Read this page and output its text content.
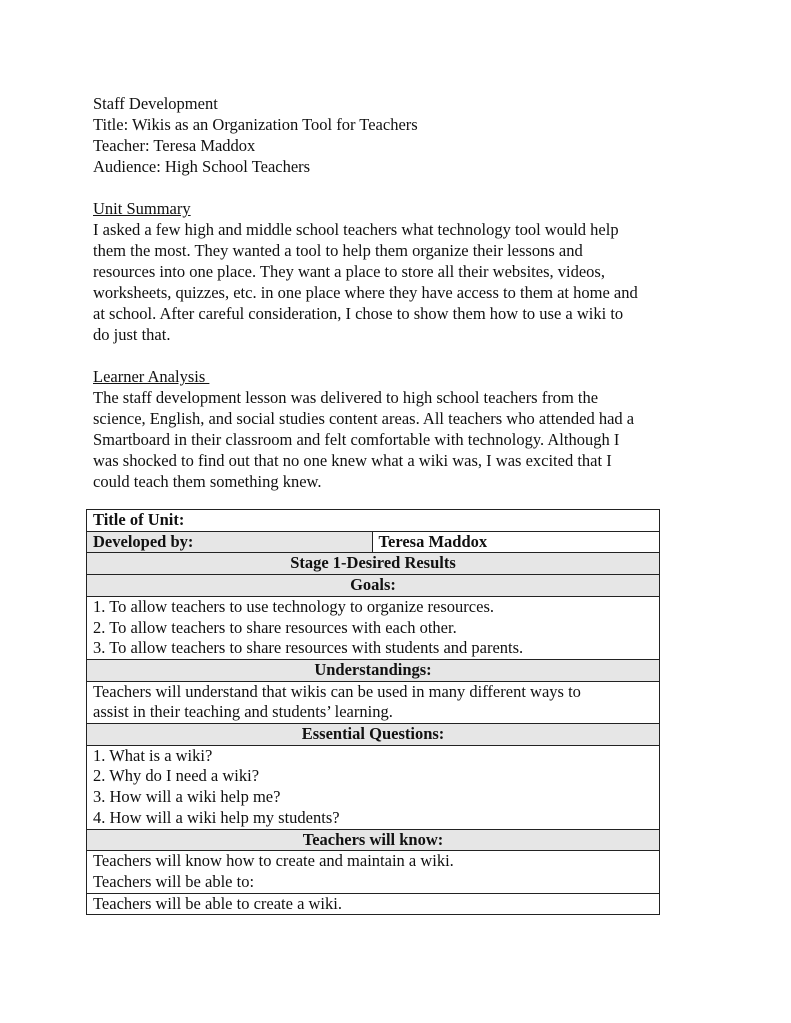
Staff Development

Title: Wikis as an Organization Tool for Teachers

Teacher: Teresa Maddox

Audience: High School Teachers

Unit Summary

I asked a few high and middle school teachers what technology tool would help
them the most. They wanted a tool to help them organize their lessons and
resources into one place. They want a place to store all their websites, videos,
worksheets, quizzes, etc. in one place where they have access to them at home and
at school. After careful consideration, I chose to show them how to use a wiki to
do just that.

Learner Analysis

The staff development lesson was delivered to high school teachers from the
science, English, and social studies content areas. All teachers who attended had a
Smartboard in their classroom and felt comfortable with technology. Although I
was shocked to find out that no one knew what a wiki was, I was excited that I
could teach them something knew.
Title of Unit:
Developed by:	Teresa Maddox
Stage 1-Desired Results
Goals:

1. To allow teachers to use technology to organize resources.
2. To allow teachers to share resources with each other.
3. To allow teachers to share resources with students and parents.

Understandings:

Teachers will understand that wikis can be used in many different ways to
assist in their teaching and students’ learning.

Essential Questions:

1. What is a wiki?
2. Why do I need a wiki?
3. How will a wiki help me?
4. How will a wiki help my students?

Teachers will know:

Teachers will know how to create and maintain a wiki.
Teachers will be able to:

Teachers will be able to create a wiki.
